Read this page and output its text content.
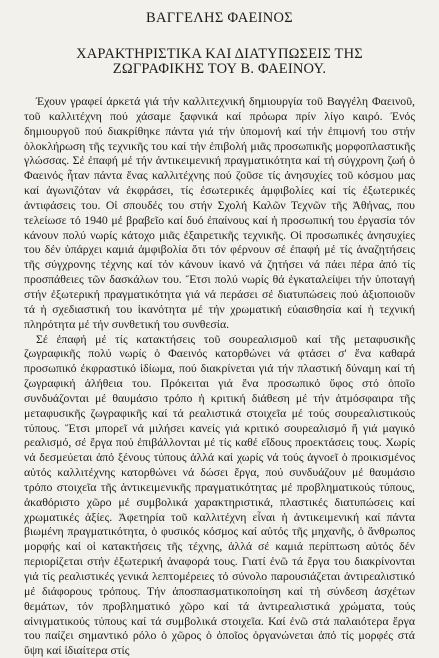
ΒΑΓΓΕΛΗΣ ΦΑΕΙΝΟΣ
ΧΑΡΑΚΤΗΡΙΣΤΙΚΑ ΚΑΙ ΔΙΑΤΥΠΩΣΕΙΣ ΤΗΣ
ΖΩΓΡΑΦΙΚΗΣ ΤΟΥ Β. ΦΑΕΙΝΟΥ.

Έχουν γραφεί άρκετά γιά τήν καλλιτεχνική δημιουργία τοῦ Βαγγέλη Φαεινοῦ, τοῦ καλλιτέχνη πού χάσαμε ξαφνικά καί πρόωρα πρίν λίγο καιρό. Ένός δημιουργοῦ πού διακρίθηκε πάντα γιά τήν ὑπομονή καί τήν ἐπιμονή του στήν ὁλοκλήρωση τῆς τεχνικῆς του καί τήν ἐπιβολή μιᾶς προσωπικῆς μορφοπλαστικῆς γλώσσας. Σέ ἐπαφή μέ τήν ἀντικειμενική πραγματικότητα καί τή σύγχρονη ζωή ὁ Φαεινός ἦταν πάντα ἕνας καλλιτέχνης πού ζοῦσε τίς ἀνησυχίες τοῦ κόσμου μας καί ἀγωνιζόταν νά ἐκφράσει, τίς ἐσωτερικές ἀμφιβολίες καί τίς ἐξωτερικές ἀντιφάσεις του. Οἱ σπουδές του στήν Σχολή Καλῶν Τεχνῶν τῆς Ἀθήνας, που τελείωσε τό 1940 μέ βραβεῖο καί δυό ἐπαίνους καί ἡ προσωπική του ἐργασία τόν κάνουν πολύ νωρίς κάτοχο μιᾶς ἐξαιρετικῆς τεχνικῆς. Οἱ προσωπικές ἀνησυχίες του δέν ὑπάρχει καμιά ἀμφιβολία ὅτι τόν φέρνουν σέ ἐπαφή μέ τίς ἀναζητήσεις τῆς σύγχρονης τέχνης καί τόν κάνουν ἱκανό νά ζητήσει νά πάει πέρα ἀπό τίς προσπάθειες τῶν δασκάλων του. Ἔτσι πολύ νωρίς θά ἐγκαταλείψει τήν ὑποταγή στήν ἐξωτερική πραγματικότητα γιά νά περάσει σέ διατυπώσεις πού ἀξιοποιοῦν τά ἡ σχεδιαστική του ἱκανότητα μέ τήν χρωματική εὐαισθησία καί ἡ τεχνική πληρότητα μέ τήν συνθετική του συνθεσία.

Σέ ἐπαφή μέ τίς κατακτήσεις τοῦ σουρεαλισμοῦ καί τῆς μεταφυσικῆς ζωγραφικῆς πολύ νωρίς ὁ Φαεινός κατορθώνει νά φτάσει σ' ἕνα καθαρά προσωπικό ἐκφραστικό ἰδίωμα, πού διακρίνεται γιά τήν πλαστική δύναμη καί τή ζωγραφική ἀλήθεια του. Πρόκειται γιά ἕνα προσωπικό ὕφος στό ὁποῖο συνδυάζονται μέ θαυμάσιο τρόπο ἡ κριτική διάθεση μέ τήν ἀτμόσφαιρα τῆς μεταφυσικῆς ζωγραφικῆς καί τά ρεαλιστικά στοιχεῖα μέ τούς σουρεαλιστικούς τύπους. Ἔτσι μπορεῖ νά μιλήσει κανείς γιά κριτικό σουρεαλισμό ἤ γιά μαγικό ρεαλισμό, σέ ἔργα πού ἐπιβάλλονται μέ τίς καθέ εἴδους προεκτάσεις τους. Χωρίς νά δεσμεύεται ἀπό ξένους τύπους ἀλλά καί χωρίς νά τούς ἀγνοεῖ ὁ προικισμένος αὐτός καλλιτέχνης κατορθώνει νά δώσει ἔργα, πού συνδυάζουν μέ θαυμάσιο τρόπο στοιχεῖα τῆς ἀντικειμενικῆς πραγματικότητας μέ προβληματικούς τύπους, ἀκαθόριστο χῶρο μέ συμβολικά χαρακτηριστικά, πλαστικές διατυπώσεις καί χρωματικές ἀξίες. Ἀφετηρία τοῦ καλλιτέχνη εἶναι ἡ ἀντικειμενική καί πάντα βιωμένη πραγματικότητα, ὁ φυσικός κόσμος καί αὐτός τῆς μηχανῆς, ὁ ἄνθρωπος μορφής καί οἱ κατακτήσεις τῆς τέχνης, ἀλλά σέ καμιά περίπτωση αὐτός δέν περιορίζεται στήν ἐξωτερική ἀναφορά τους. Γιατί ἐνῶ τά ἔργα του διακρίνονται γιά τίς ρεαλιστικές γενικά λεπτομέρειες τό σύνολο παρουσιάζεται ἀντιρεαλιστικό μέ διάφορους τρόπους. Τήν ἀποσπασματικοποίηση καί τή σύνδεση ἀσχέτων θεμάτων, τόν προβληματικό χῶρο καί τά ἀντιρεαλιστικά χρώματα, τούς αἰνιγματικούς τύπους καί τά συμβολικά στοιχεῖα. Καί ἐνῶ στά παλαιότερα ἔργα του παίζει σημαντικό ρόλο ὁ χῶρος ὁ ὁποῖος ὀργανώνεται ἀπό τίς μορφές στά ὕψη καί ἰδιαίτερα στίς
